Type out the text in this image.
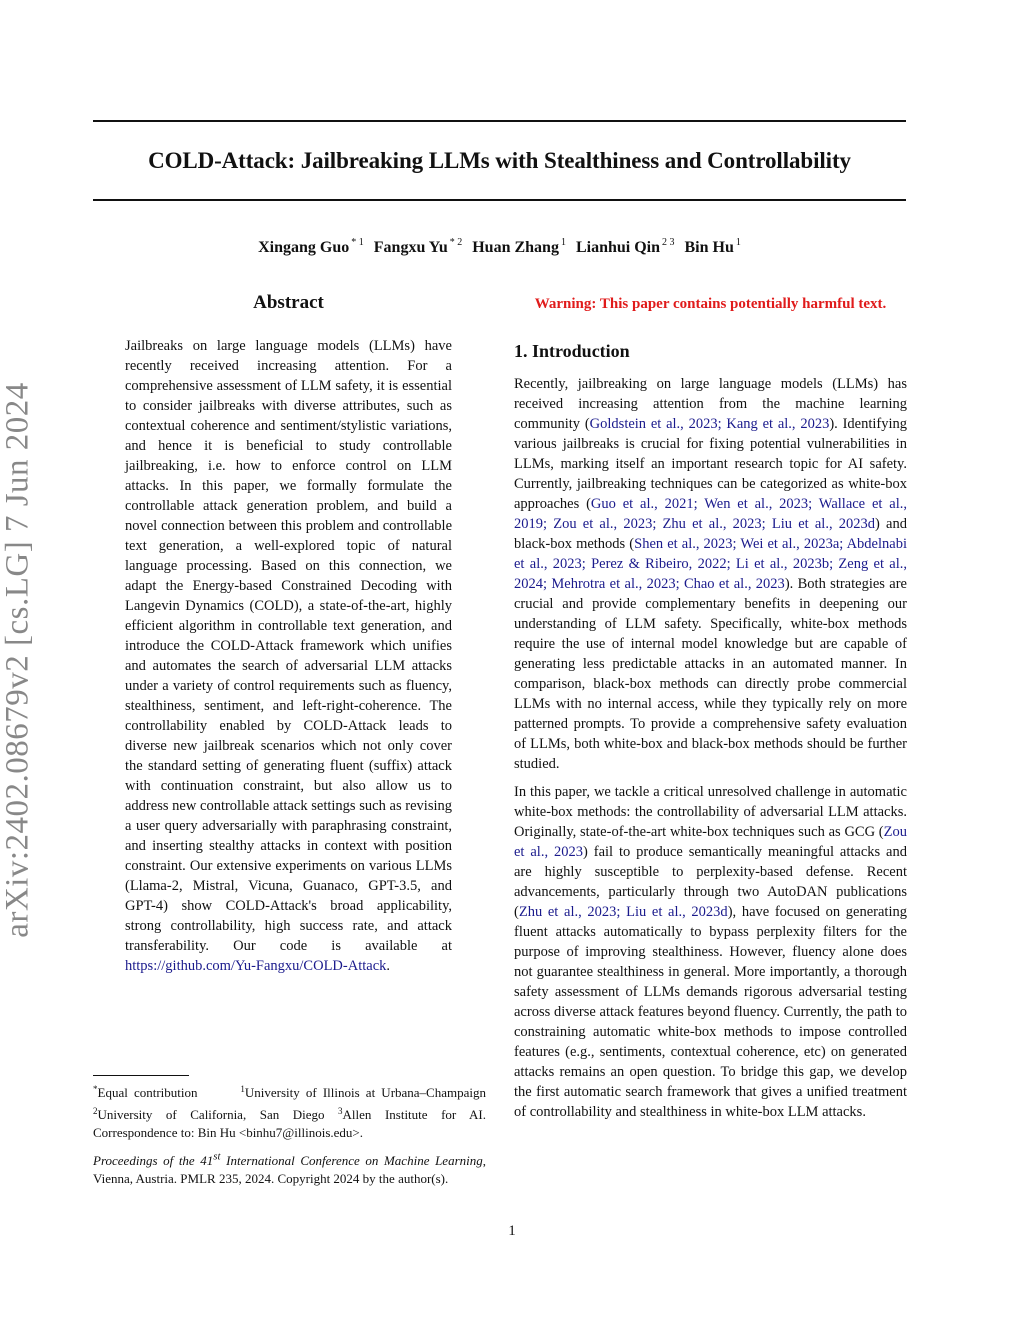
arXiv:2402.08679v2 [cs.LG] 7 Jun 2024
COLD-Attack: Jailbreaking LLMs with Stealthiness and Controllability
Xingang Guo $^{* 1}$ Fangxu Yu $^{* 2}$ Huan Zhang $^1$ Lianhui Qin $^{2 3}$ Bin Hu $^1$
Abstract
Jailbreaks on large language models (LLMs) have recently received increasing attention. For a comprehensive assessment of LLM safety, it is essential to consider jailbreaks with diverse attributes, such as contextual coherence and sentiment/stylistic variations, and hence it is beneficial to study controllable jailbreaking, i.e. how to enforce control on LLM attacks. In this paper, we formally formulate the controllable attack generation problem, and build a novel connection between this problem and controllable text generation, a well-explored topic of natural language processing. Based on this connection, we adapt the Energy-based Constrained Decoding with Langevin Dynamics (COLD), a state-of-the-art, highly efficient algorithm in controllable text generation, and introduce the COLD-Attack framework which unifies and automates the search of adversarial LLM attacks under a variety of control requirements such as fluency, stealthiness, sentiment, and left-right-coherence. The controllability enabled by COLD-Attack leads to diverse new jailbreak scenarios which not only cover the standard setting of generating fluent (suffix) attack with continuation constraint, but also allow us to address new controllable attack settings such as revising a user query adversarially with paraphrasing constraint, and inserting stealthy attacks in context with position constraint. Our extensive experiments on various LLMs (Llama-2, Mistral, Vicuna, Guanaco, GPT-3.5, and GPT-4) show COLD-Attack's broad applicability, strong controllability, high success rate, and attack transferability. Our code is available at https://github.com/Yu-Fangxu/COLD-Attack.
Warning: This paper contains potentially harmful text.
1. Introduction

Recently, jailbreaking on large language models (LLMs) has received increasing attention from the machine learning community (Goldstein et al., 2023; Kang et al., 2023). Identifying various jailbreaks is crucial for fixing potential vulnerabilities in LLMs, marking itself an important research topic for AI safety. Currently, jailbreaking techniques can be categorized as white-box approaches (Guo et al., 2021; Wen et al., 2023; Wallace et al., 2019; Zou et al., 2023; Zhu et al., 2023; Liu et al., 2023d) and black-box methods (Shen et al., 2023; Wei et al., 2023a; Abdelnabi et al., 2023; Perez & Ribeiro, 2022; Li et al., 2023b; Zeng et al., 2024; Mehrotra et al., 2023; Chao et al., 2023). Both strategies are crucial and provide complementary benefits in deepening our understanding of LLM safety. Specifically, white-box methods require the use of internal model knowledge but are capable of generating less predictable attacks in an automated manner. In comparison, black-box methods can directly probe commercial LLMs with no internal access, while they typically rely on more patterned prompts. To provide a comprehensive safety evaluation of LLMs, both white-box and black-box methods should be further studied.

In this paper, we tackle a critical unresolved challenge in automatic white-box methods: the controllability of adversarial LLM attacks. Originally, state-of-the-art white-box techniques such as GCG (Zou et al., 2023) fail to produce semantically meaningful attacks and are highly susceptible to perplexity-based defense. Recent advancements, particularly through two AutoDAN publications (Zhu et al., 2023; Liu et al., 2023d), have focused on generating fluent attacks automatically to bypass perplexity filters for the purpose of improving stealthiness. However, fluency alone does not guarantee stealthiness in general. More importantly, a thorough safety assessment of LLMs demands rigorous adversarial testing across diverse attack features beyond fluency. Currently, the path to constraining automatic white-box methods to impose controlled features (e.g., sentiments, contextual coherence, etc) on generated attacks remains an open question. To bridge this gap, we develop the first automatic search framework that gives a unified treatment of controllability and stealthiness in white-box LLM attacks.

*Equal contribution	$^1$University of Illinois at Urbana–Champaign $^2$University of California, San Diego $^3$Allen Institute for AI. Correspondence to: Bin Hu <binhu7@illinois.edu>.
Proceedings of the 41st International Conference on Machine Learning, Vienna, Austria. PMLR 235, 2024. Copyright 2024 by the author(s).
1
